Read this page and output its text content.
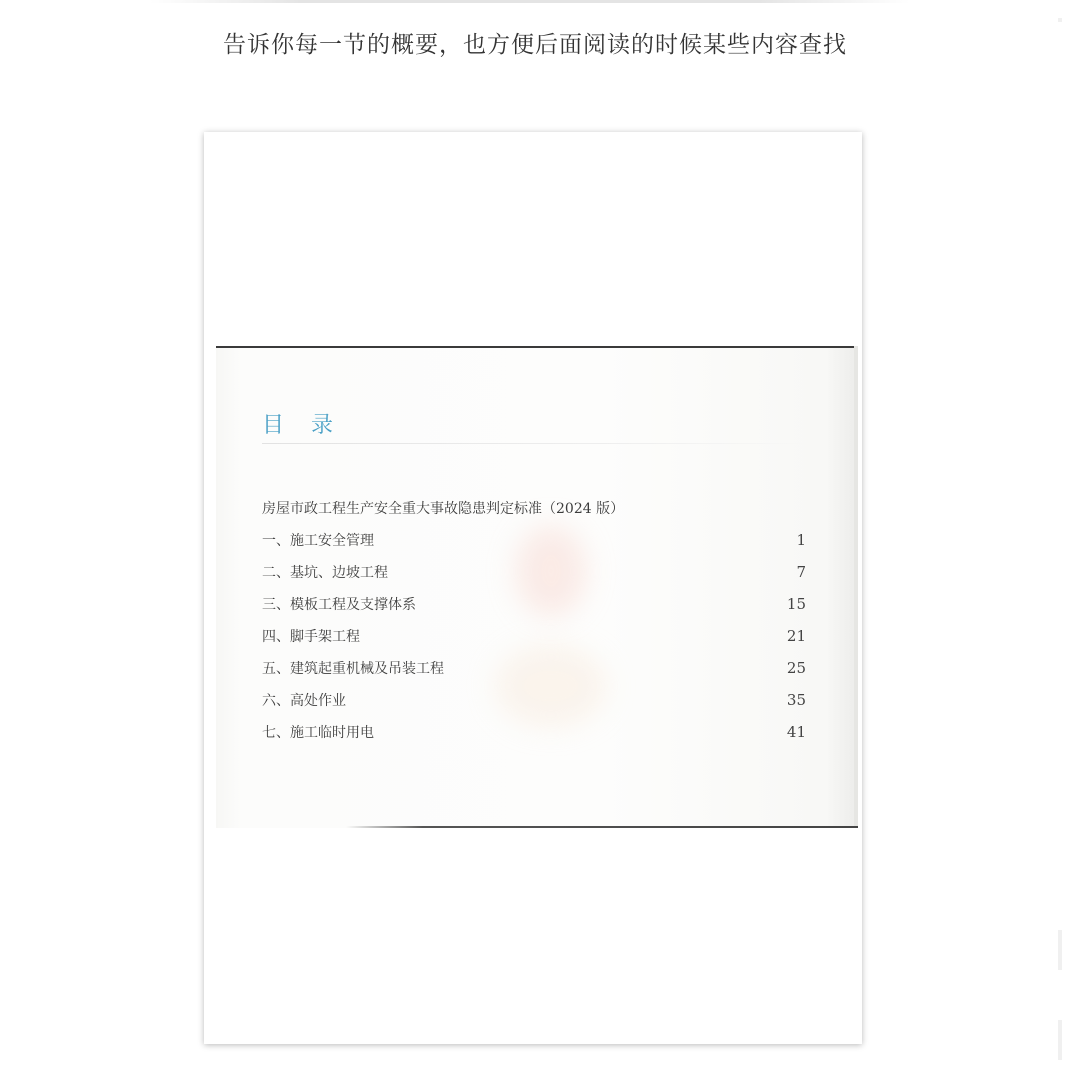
告诉你每一节的概要，也方便后面阅读的时候某些内容查找
目 录
房屋市政工程生产安全重大事故隐患判定标准（2024 版）
一、施工安全管理	1
二、基坑、边坡工程	7
三、模板工程及支撑体系	15
四、脚手架工程	21
五、建筑起重机械及吊装工程	25
六、高处作业	35
七、施工临时用电	41
